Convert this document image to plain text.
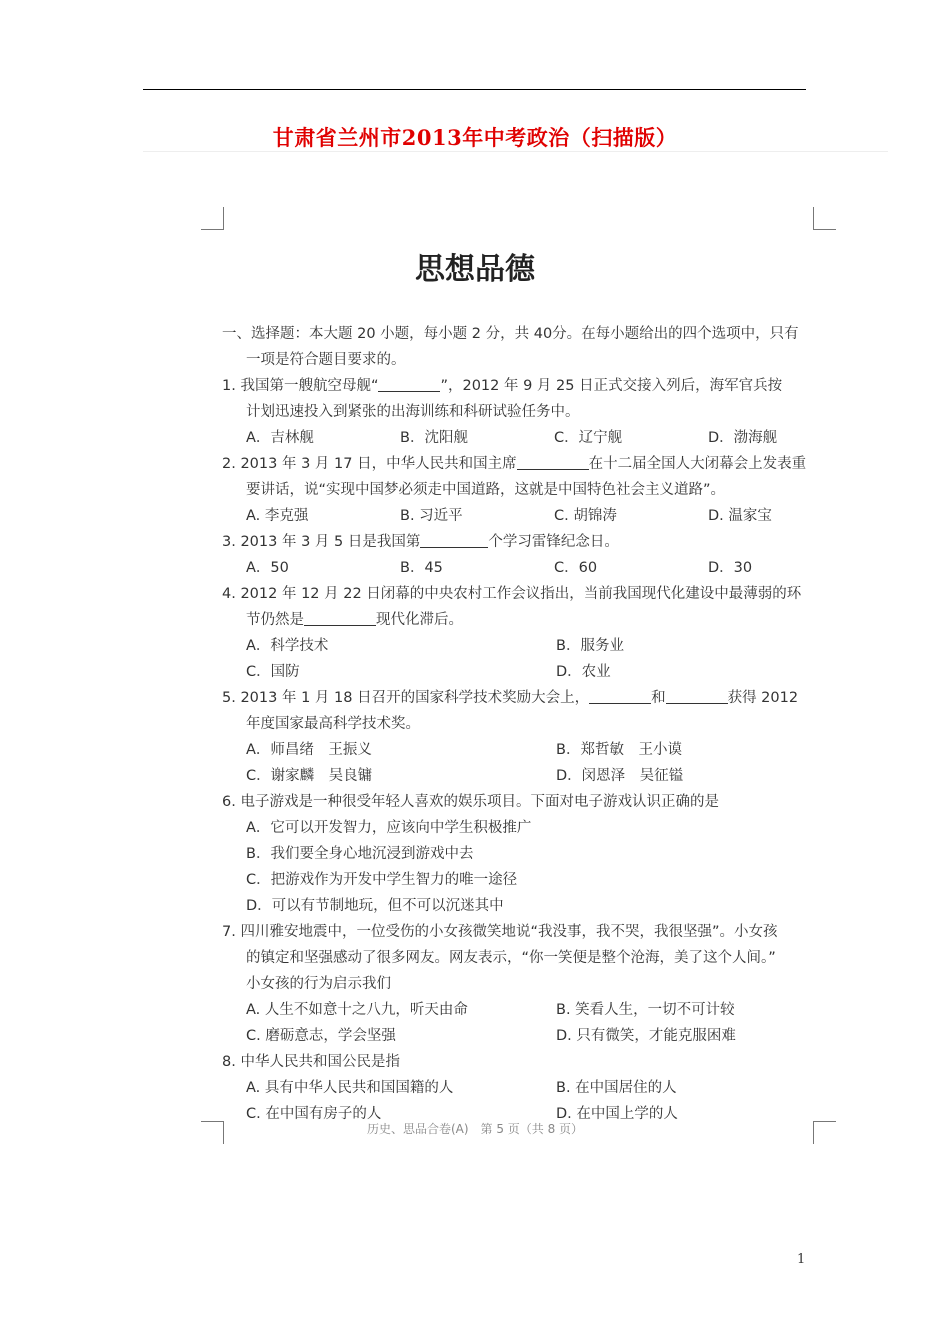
甘肃省兰州市2013年中考政治（扫描版）
思想品德
一、选择题：本大题 20 小题，每小题 2 分，共 40分。在每小题给出的四个选项中，只有
一项是符合题目要求的。
1. 我国第一艘航空母舰“	”，2012 年 9 月 25 日正式交接入列后，海军官兵按
计划迅速投入到紧张的出海训练和科研试验任务中。
A．吉林舰	B．沈阳舰	C．辽宁舰	D．渤海舰
2. 2013 年 3 月 17 日，中华人民共和国主席	在十二届全国人大闭幕会上发表重
要讲话，说“实现中国梦必须走中国道路，这就是中国特色社会主义道路”。
A. 李克强	B. 习近平	C. 胡锦涛	D. 温家宝
3. 2013 年 3 月 5 日是我国第	个学习雷锋纪念日。
A．50	B．45	C．60	D．30
4. 2012 年 12 月 22 日闭幕的中央农村工作会议指出，当前我国现代化建设中最薄弱的环
节仍然是	现代化滞后。
A．科学技术	B．服务业
C．国防	D．农业
5. 2013 年 1 月 18 日召开的国家科学技术奖励大会上，	和	获得 2012
年度国家最高科学技术奖。
A．师昌绪　王振义	B．郑哲敏　王小谟
C．谢家麟　吴良镛	D．闵恩泽　吴征镒
6. 电子游戏是一种很受年轻人喜欢的娱乐项目。下面对电子游戏认识正确的是
A．它可以开发智力，应该向中学生积极推广
B．我们要全身心地沉浸到游戏中去
C．把游戏作为开发中学生智力的唯一途径
D．可以有节制地玩，但不可以沉迷其中
7. 四川雅安地震中，一位受伤的小女孩微笑地说“我没事，我不哭，我很坚强”。小女孩
的镇定和坚强感动了很多网友。网友表示，“你一笑便是整个沧海，美了这个人间。”
小女孩的行为启示我们
A. 人生不如意十之八九，听天由命	B. 笑看人生，一切不可计较
C. 磨砺意志，学会坚强	D. 只有微笑，才能克服困难
8. 中华人民共和国公民是指
A. 具有中华人民共和国国籍的人	B. 在中国居住的人
C. 在中国有房子的人	D. 在中国上学的人
历史、思品合卷(A)　第 5 页（共 8 页）
1
